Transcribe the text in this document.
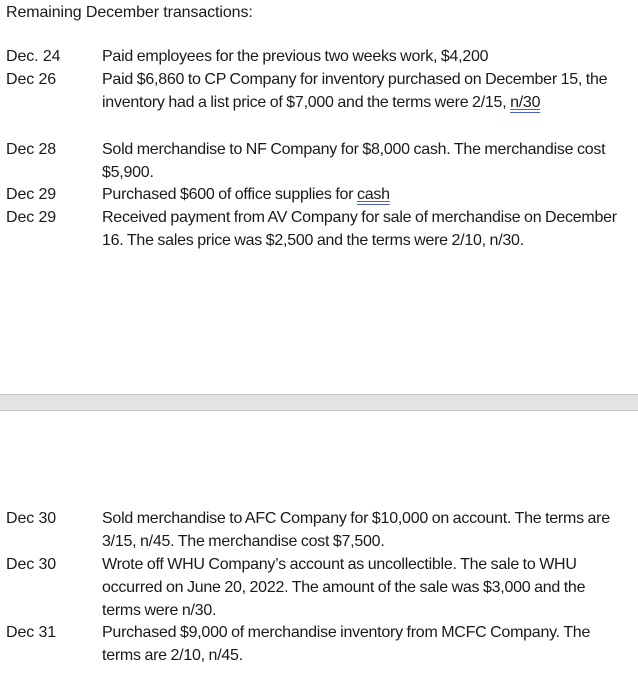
Remaining December transactions:
Dec. 24	Paid employees for the previous two weeks work, $4,200
Dec 26	Paid $6,860 to CP Company for inventory purchased on December 15, the inventory had a list price of $7,000 and the terms were 2/15, n/30
Dec 28	Sold merchandise to NF Company for $8,000 cash. The merchandise cost $5,900.
Dec 29	Purchased $600 of office supplies for cash
Dec 29	Received payment from AV Company for sale of merchandise on December 16. The sales price was $2,500 and the terms were 2/10, n/30.
Dec 30	Sold merchandise to AFC Company for $10,000 on account. The terms are 3/15, n/45. The merchandise cost $7,500.
Dec 30	Wrote off WHU Company’s account as uncollectible. The sale to WHU occurred on June 20, 2022. The amount of the sale was $3,000 and the terms were n/30.
Dec 31	Purchased $9,000 of merchandise inventory from MCFC Company. The terms are 2/10, n/45.
